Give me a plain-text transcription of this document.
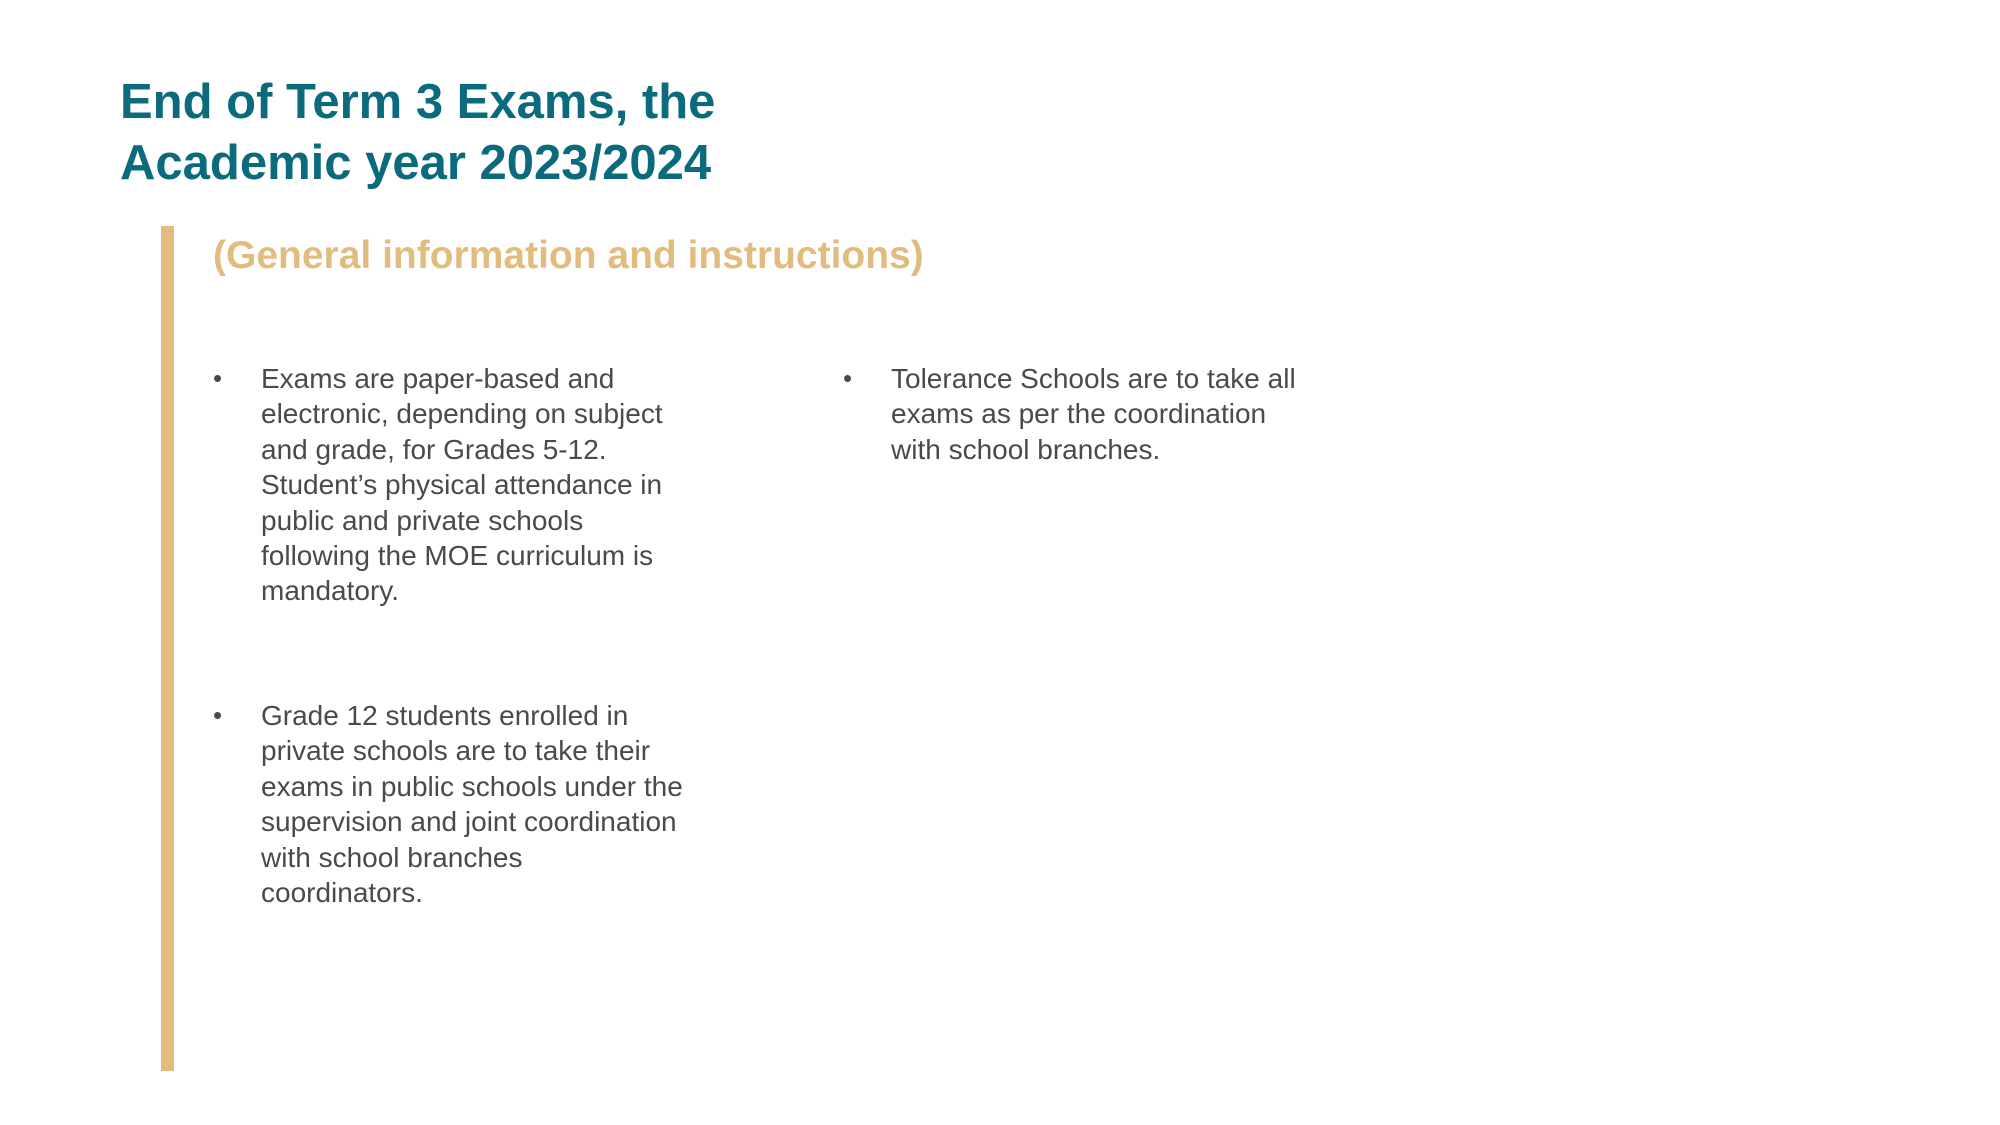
End of Term 3 Exams, the
Academic year 2023/2024
(General information and instructions)
• Exams are paper-based and
electronic, depending on subject
and grade, for Grades 5-12.
Student’s physical attendance in
public and private schools
following the MOE curriculum is
mandatory.
• Grade 12 students enrolled in
private schools are to take their
exams in public schools under the
supervision and joint coordination
with school branches
coordinators.
• Tolerance Schools are to take all
exams as per the coordination
with school branches.
